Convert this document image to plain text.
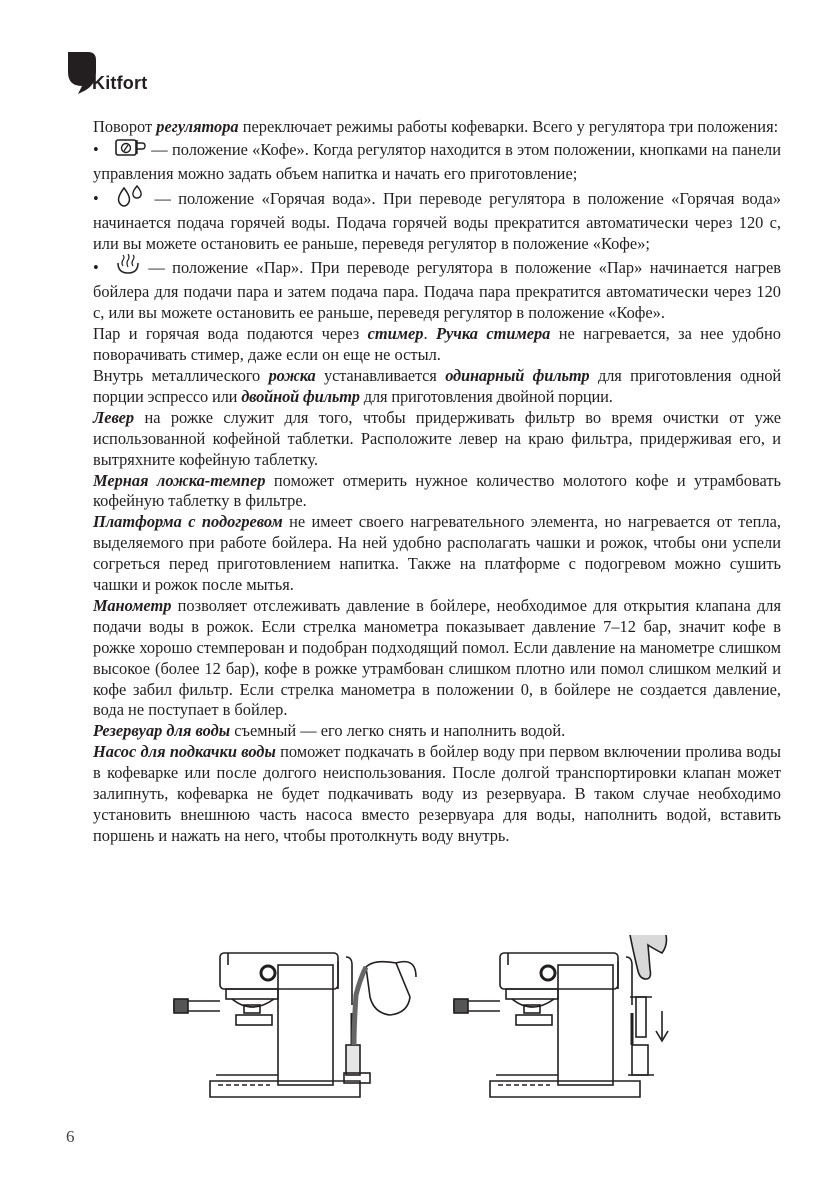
Kitfort

Поворот регулятора переключает режимы работы кофеварки. Всего у регулятора три положения:

•	— положение «Кофе». Когда регулятор находится в этом положении, кнопками на панели управления можно задать объем напитка и начать его приготовление;

•	— положение «Горячая вода». При переводе регулятора в положение «Горячая вода» начинается подача горячей воды. Подача горячей воды прекратится автоматически через 120 с, или вы можете остановить ее раньше, переведя регулятор в положение «Кофе»;

•	— положение «Пар». При переводе регулятора в положение «Пар» начинается нагрев бойлера для подачи пара и затем подача пара. Подача пара прекратится автоматически через 120 с, или вы можете остановить ее раньше, переведя регулятор в положение «Кофе».

Пар и горячая вода подаются через стимер. Ручка стимера не нагревается, за нее удобно поворачивать стимер, даже если он еще не остыл.

Внутрь металлического рожка устанавливается одинарный фильтр для приготовления одной порции эспрессо или двойной фильтр для приготовления двойной порции.

Левер на рожке служит для того, чтобы придерживать фильтр во время очистки от уже использованной кофейной таблетки. Расположите левер на краю фильтра, придерживая его, и вытряхните кофейную таблетку.

Мерная ложка-темпер поможет отмерить нужное количество молотого кофе и утрамбовать кофейную таблетку в фильтре.

Платформа с подогревом не имеет своего нагревательного элемента, но нагревается от тепла, выделяемого при работе бойлера. На ней удобно располагать чашки и рожок, чтобы они успели согреться перед приготовлением напитка. Также на платформе с подогревом можно сушить чашки и рожок после мытья.

Манометр позволяет отслеживать давление в бойлере, необходимое для открытия клапана для подачи воды в рожок. Если стрелка манометра показывает давление 7–12 бар, значит кофе в рожке хорошо стемперован и подобран подходящий помол. Если давление на манометре слишком высокое (более 12 бар), кофе в рожке утрамбован слишком плотно или помол слишком мелкий и кофе забил фильтр. Если стрелка манометра в положении 0, в бойлере не создается давление, вода не поступает в бойлер.

Резервуар для воды съемный — его легко снять и наполнить водой.

Насос для подкачки воды поможет подкачать в бойлер воду при первом включении пролива воды в кофеварке или после долгого неиспользования. После долгой транспортировки клапан может залипнуть, кофеварка не будет подкачивать воду из резервуара. В таком случае необходимо установить внешнюю часть насоса вместо резервуара для воды, наполнить водой, вставить поршень и нажать на него, чтобы протолкнуть воду внутрь.

6
